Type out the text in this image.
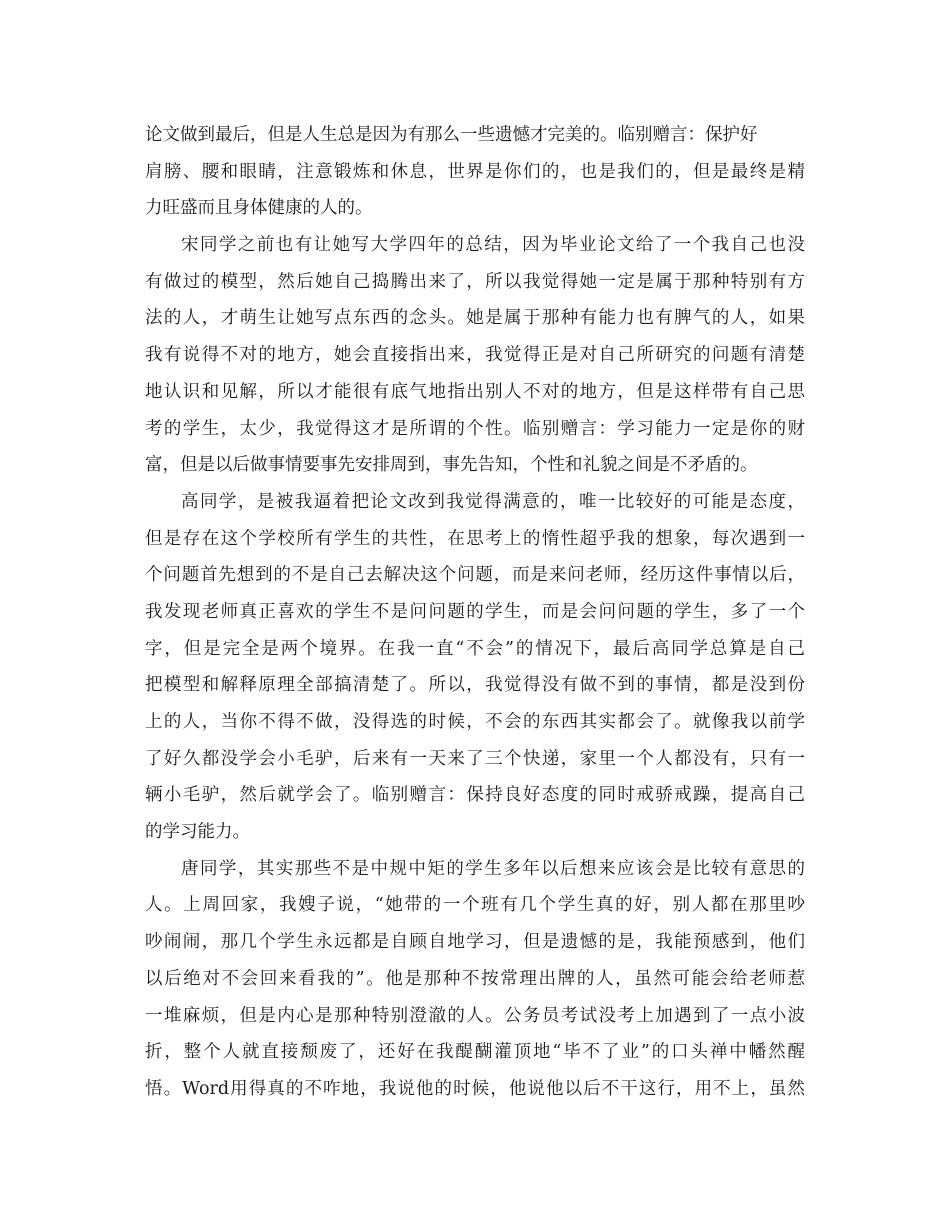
论文做到最后，但是人生总是因为有那么一些遗憾才完美的。临别赠言：保护好
肩膀、腰和眼睛，注意锻炼和休息，世界是你们的，也是我们的，但是最终是精
力旺盛而且身体健康的人的。
宋同学之前也有让她写大学四年的总结，因为毕业论文给了一个我自己也没
有做过的模型，然后她自己捣腾出来了，所以我觉得她一定是属于那种特别有方
法的人，才萌生让她写点东西的念头。她是属于那种有能力也有脾气的人，如果
我有说得不对的地方，她会直接指出来，我觉得正是对自己所研究的问题有清楚
地认识和见解，所以才能很有底气地指出别人不对的地方，但是这样带有自己思
考的学生，太少，我觉得这才是所谓的个性。临别赠言：学习能力一定是你的财
富，但是以后做事情要事先安排周到，事先告知，个性和礼貌之间是不矛盾的。
高同学，是被我逼着把论文改到我觉得满意的，唯一比较好的可能是态度，
但是存在这个学校所有学生的共性，在思考上的惰性超乎我的想象，每次遇到一
个问题首先想到的不是自己去解决这个问题，而是来问老师，经历这件事情以后，
我发现老师真正喜欢的学生不是问问题的学生，而是会问问题的学生，多了一个
字，但是完全是两个境界。在我一直“不会”的情况下，最后高同学总算是自己
把模型和解释原理全部搞清楚了。所以，我觉得没有做不到的事情，都是没到份
上的人，当你不得不做，没得选的时候，不会的东西其实都会了。就像我以前学
了好久都没学会小毛驴，后来有一天来了三个快递，家里一个人都没有，只有一
辆小毛驴，然后就学会了。临别赠言：保持良好态度的同时戒骄戒躁，提高自己
的学习能力。
唐同学，其实那些不是中规中矩的学生多年以后想来应该会是比较有意思的
人。上周回家，我嫂子说，“她带的一个班有几个学生真的好，别人都在那里吵
吵闹闹，那几个学生永远都是自顾自地学习，但是遗憾的是，我能预感到，他们
以后绝对不会回来看我的”。他是那种不按常理出牌的人，虽然可能会给老师惹
一堆麻烦，但是内心是那种特别澄澈的人。公务员考试没考上加遇到了一点小波
折，整个人就直接颓废了，还好在我醍醐灌顶地“毕不了业”的口头禅中幡然醒
悟。Word用得真的不咋地，我说他的时候，他说他以后不干这行，用不上，虽然
